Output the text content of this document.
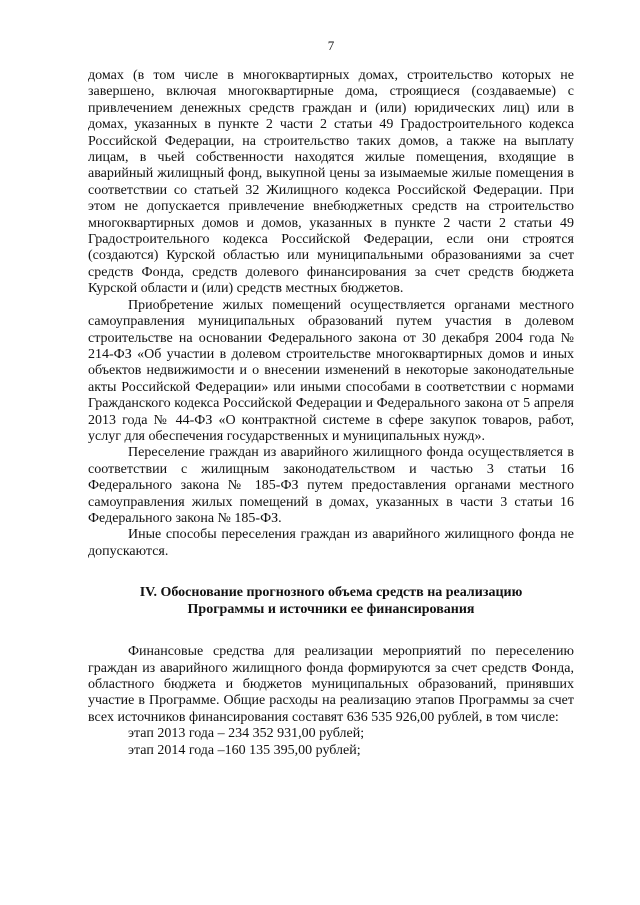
7

домах (в том числе в многоквартирных домах, строительство которых не завершено, включая многоквартирные дома, строящиеся (создаваемые) с привлечением денежных средств граждан и (или) юридических лиц) или в домах, указанных в пункте 2 части 2 статьи 49 Градостроительного кодекса Российской Федерации, на строительство таких домов, а также на выплату лицам, в чьей собственности находятся жилые помещения, входящие в аварийный жилищный фонд, выкупной цены за изымаемые жилые помещения в соответствии со статьей 32 Жилищного кодекса Российской Федерации. При этом не допускается привлечение внебюджетных средств на строительство многоквартирных домов и домов, указанных в пункте 2 части 2 статьи 49 Градостроительного кодекса Российской Федерации, если они строятся (создаются) Курской областью или муниципальными образованиями за счет средств Фонда, средств долевого финансирования за счет средств бюджета Курской области и (или) средств местных бюджетов.

Приобретение жилых помещений осуществляется органами местного самоуправления муниципальных образований путем участия в долевом строительстве на основании Федерального закона от 30 декабря 2004 года № 214-ФЗ «Об участии в долевом строительстве многоквартирных домов и иных объектов недвижимости и о внесении изменений в некоторые законодательные акты Российской Федерации» или иными способами в соответствии с нормами Гражданского кодекса Российской Федерации и Федерального закона от 5 апреля 2013 года № 44-ФЗ «О контрактной системе в сфере закупок товаров, работ, услуг для обеспечения государственных и муниципальных нужд».

Переселение граждан из аварийного жилищного фонда осуществляется в соответствии с жилищным законодательством и частью 3 статьи 16 Федерального закона № 185-ФЗ путем предоставления органами местного самоуправления жилых помещений в домах, указанных в части 3 статьи 16 Федерального закона № 185-ФЗ.

Иные способы переселения граждан из аварийного жилищного фонда не допускаются.

IV. Обоснование прогнозного объема средств на реализацию
Программы и источники ее финансирования

Финансовые средства для реализации мероприятий по переселению граждан из аварийного жилищного фонда формируются за счет средств Фонда, областного бюджета и бюджетов муниципальных образований, принявших участие в Программе. Общие расходы на реализацию этапов Программы за счет всех источников финансирования составят 636 535 926,00 рублей, в том числе:

этап 2013 года – 234 352 931,00 рублей;

этап 2014 года –160 135 395,00 рублей;
